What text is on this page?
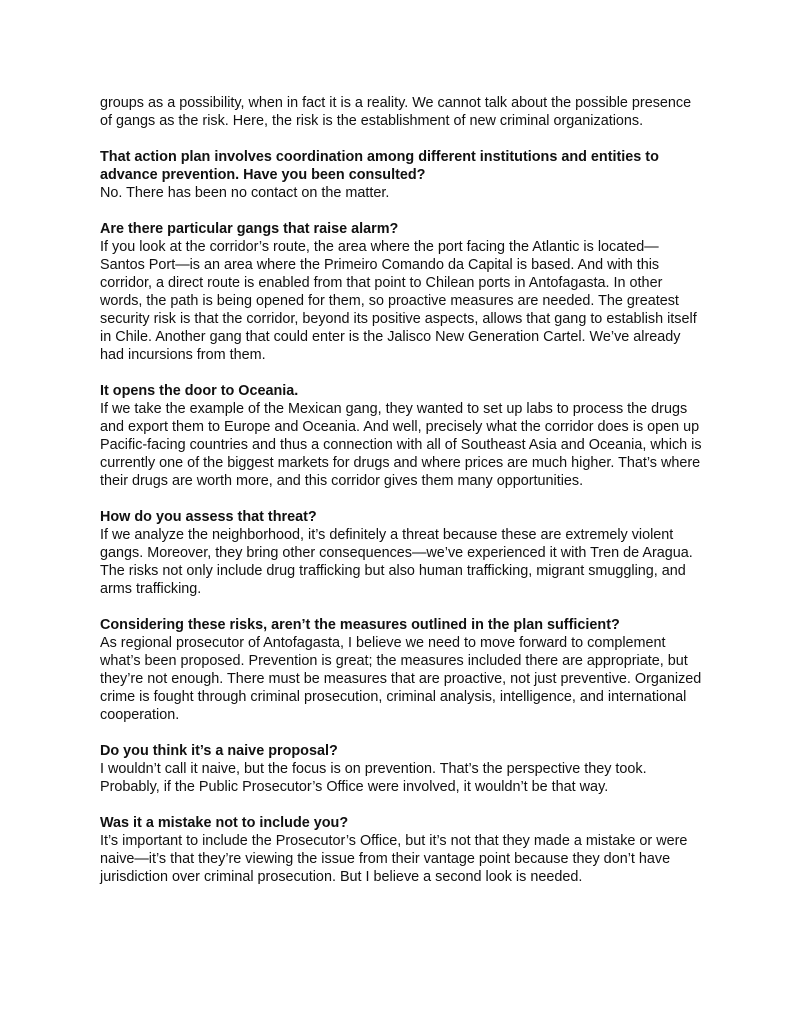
groups as a possibility, when in fact it is a reality. We cannot talk about the possible presence of gangs as the risk. Here, the risk is the establishment of new criminal organizations.

That action plan involves coordination among different institutions and entities to advance prevention. Have you been consulted?

No. There has been no contact on the matter.

Are there particular gangs that raise alarm?

If you look at the corridor’s route, the area where the port facing the Atlantic is located—Santos Port—is an area where the Primeiro Comando da Capital is based. And with this corridor, a direct route is enabled from that point to Chilean ports in Antofagasta. In other words, the path is being opened for them, so proactive measures are needed. The greatest security risk is that the corridor, beyond its positive aspects, allows that gang to establish itself in Chile. Another gang that could enter is the Jalisco New Generation Cartel. We’ve already had incursions from them.

It opens the door to Oceania.

If we take the example of the Mexican gang, they wanted to set up labs to process the drugs and export them to Europe and Oceania. And well, precisely what the corridor does is open up Pacific-facing countries and thus a connection with all of Southeast Asia and Oceania, which is currently one of the biggest markets for drugs and where prices are much higher. That’s where their drugs are worth more, and this corridor gives them many opportunities.

How do you assess that threat?

If we analyze the neighborhood, it’s definitely a threat because these are extremely violent gangs. Moreover, they bring other consequences—we’ve experienced it with Tren de Aragua. The risks not only include drug trafficking but also human trafficking, migrant smuggling, and arms trafficking.

Considering these risks, aren’t the measures outlined in the plan sufficient?

As regional prosecutor of Antofagasta, I believe we need to move forward to complement what’s been proposed. Prevention is great; the measures included there are appropriate, but they’re not enough. There must be measures that are proactive, not just preventive. Organized crime is fought through criminal prosecution, criminal analysis, intelligence, and international cooperation.

Do you think it’s a naive proposal?

I wouldn’t call it naive, but the focus is on prevention. That’s the perspective they took. Probably, if the Public Prosecutor’s Office were involved, it wouldn’t be that way.

Was it a mistake not to include you?

It’s important to include the Prosecutor’s Office, but it’s not that they made a mistake or were naive—it’s that they’re viewing the issue from their vantage point because they don’t have jurisdiction over criminal prosecution. But I believe a second look is needed.
